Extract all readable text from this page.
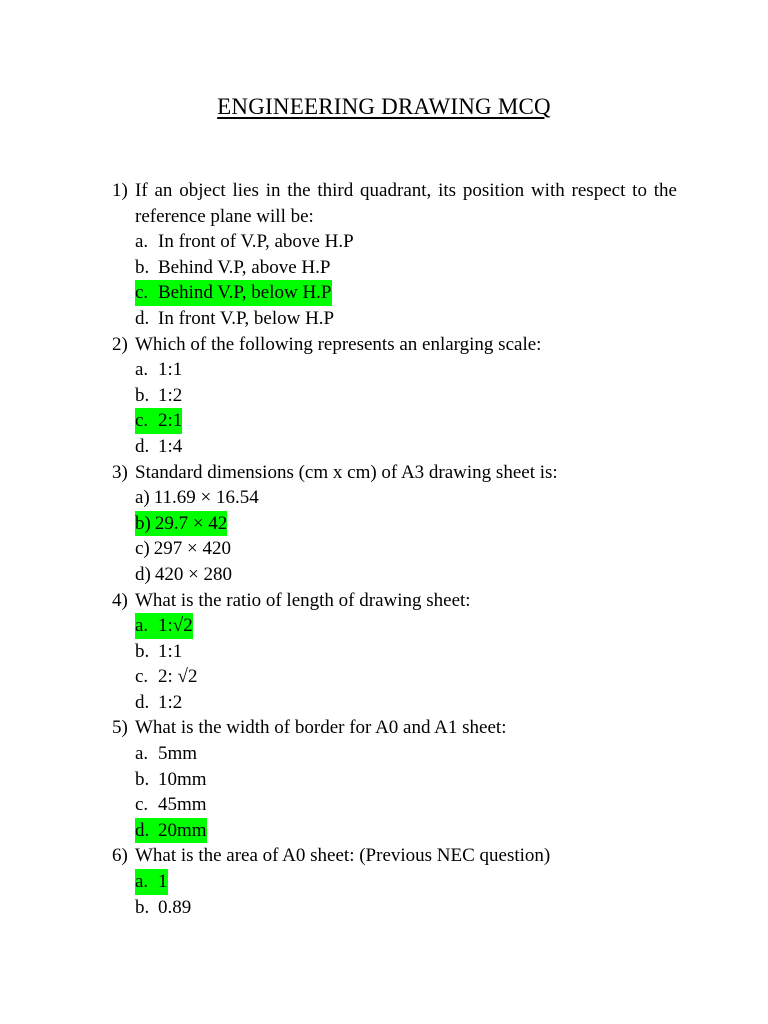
ENGINEERING DRAWING MCQ
1) If an object lies in the third quadrant, its position with respect to the reference plane will be:
a. In front of V.P, above H.P
b. Behind V.P, above H.P
c. Behind V.P, below H.P
d. In front V.P, below H.P
2) Which of the following represents an enlarging scale:
a. 1:1
b. 1:2
c. 2:1
d. 1:4
3) Standard dimensions (cm x cm) of A3 drawing sheet is:
a) 11.69 × 16.54
b) 29.7 × 42
c) 297 × 420
d) 420 × 280
4) What is the ratio of length of drawing sheet:
a. 1:√2
b. 1:1
c. 2: √2
d. 1:2
5) What is the width of border for A0 and A1 sheet:
a. 5mm
b. 10mm
c. 45mm
d. 20mm
6) What is the area of A0 sheet: (Previous NEC question)
a. 1
b. 0.89
